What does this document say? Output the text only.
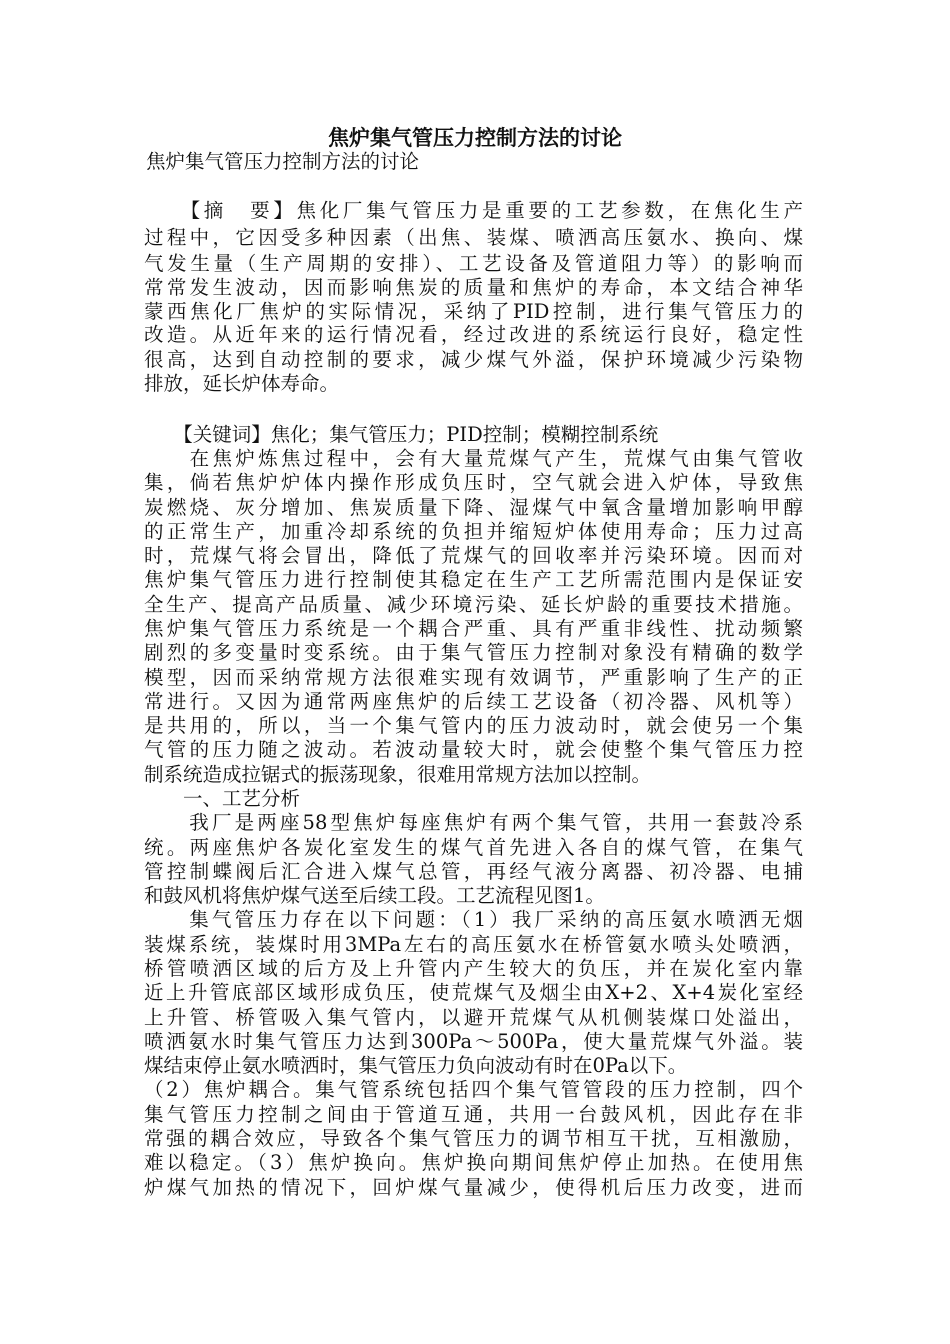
焦炉集气管压力控制方法的讨论
焦炉集气管压力控制方法的讨论
　　【摘　要】焦化厂集气管压力是重要的工艺参数，在焦化生产
过程中，它因受多种因素（出焦、装煤、喷洒高压氨水、换向、煤
气发生量（生产周期的安排）、工艺设备及管道阻力等）的影响而
常常发生波动，因而影响焦炭的质量和焦炉的寿命，本文结合神华
蒙西焦化厂焦炉的实际情况，采纳了PID控制，进行集气管压力的
改造。从近年来的运行情况看，经过改进的系统运行良好，稳定性
很高，达到自动控制的要求，减少煤气外溢，保护环境减少污染物
排放，延长炉体寿命。
　　【关键词】焦化；集气管压力；PID控制；模糊控制系统
　　在焦炉炼焦过程中，会有大量荒煤气产生，荒煤气由集气管收
集，倘若焦炉炉体内操作形成负压时，空气就会进入炉体，导致焦
炭燃烧、灰分增加、焦炭质量下降、湿煤气中氧含量增加影响甲醇
的正常生产，加重冷却系统的负担并缩短炉体使用寿命；压力过高
时，荒煤气将会冒出，降低了荒煤气的回收率并污染环境。因而对
焦炉集气管压力进行控制使其稳定在生产工艺所需范围内是保证安
全生产、提高产品质量、减少环境污染、延长炉龄的重要技术措施。
焦炉集气管压力系统是一个耦合严重、具有严重非线性、扰动频繁
剧烈的多变量时变系统。由于集气管压力控制对象没有精确的数学
模型，因而采纳常规方法很难实现有效调节，严重影响了生产的正
常进行。又因为通常两座焦炉的后续工艺设备（初冷器、风机等）
是共用的，所以，当一个集气管内的压力波动时，就会使另一个集
气管的压力随之波动。若波动量较大时，就会使整个集气管压力控
制系统造成拉锯式的振荡现象，很难用常规方法加以控制。
　　一、工艺分析
　　我厂是两座58型焦炉每座焦炉有两个集气管，共用一套鼓冷系
统。两座焦炉各炭化室发生的煤气首先进入各自的煤气管，在集气
管控制蝶阀后汇合进入煤气总管，再经气液分离器、初冷器、电捕
和鼓风机将焦炉煤气送至后续工段。工艺流程见图1。
　　集气管压力存在以下问题：（1）我厂采纳的高压氨水喷洒无烟
装煤系统，装煤时用3MPa左右的高压氨水在桥管氨水喷头处喷洒，
桥管喷洒区域的后方及上升管内产生较大的负压，并在炭化室内靠
近上升管底部区域形成负压，使荒煤气及烟尘由X+2、X+4炭化室经
上升管、桥管吸入集气管内，以避开荒煤气从机侧装煤口处溢出，
喷洒氨水时集气管压力达到300Pa～500Pa，使大量荒煤气外溢。装
煤结束停止氨水喷洒时，集气管压力负向波动有时在0Pa以下。
（2）焦炉耦合。集气管系统包括四个集气管管段的压力控制，四个
集气管压力控制之间由于管道互通，共用一台鼓风机，因此存在非
常强的耦合效应，导致各个集气管压力的调节相互干扰，互相激励，
难以稳定。（3）焦炉换向。焦炉换向期间焦炉停止加热。在使用焦
炉煤气加热的情况下，回炉煤气量减少，使得机后压力改变，进而
